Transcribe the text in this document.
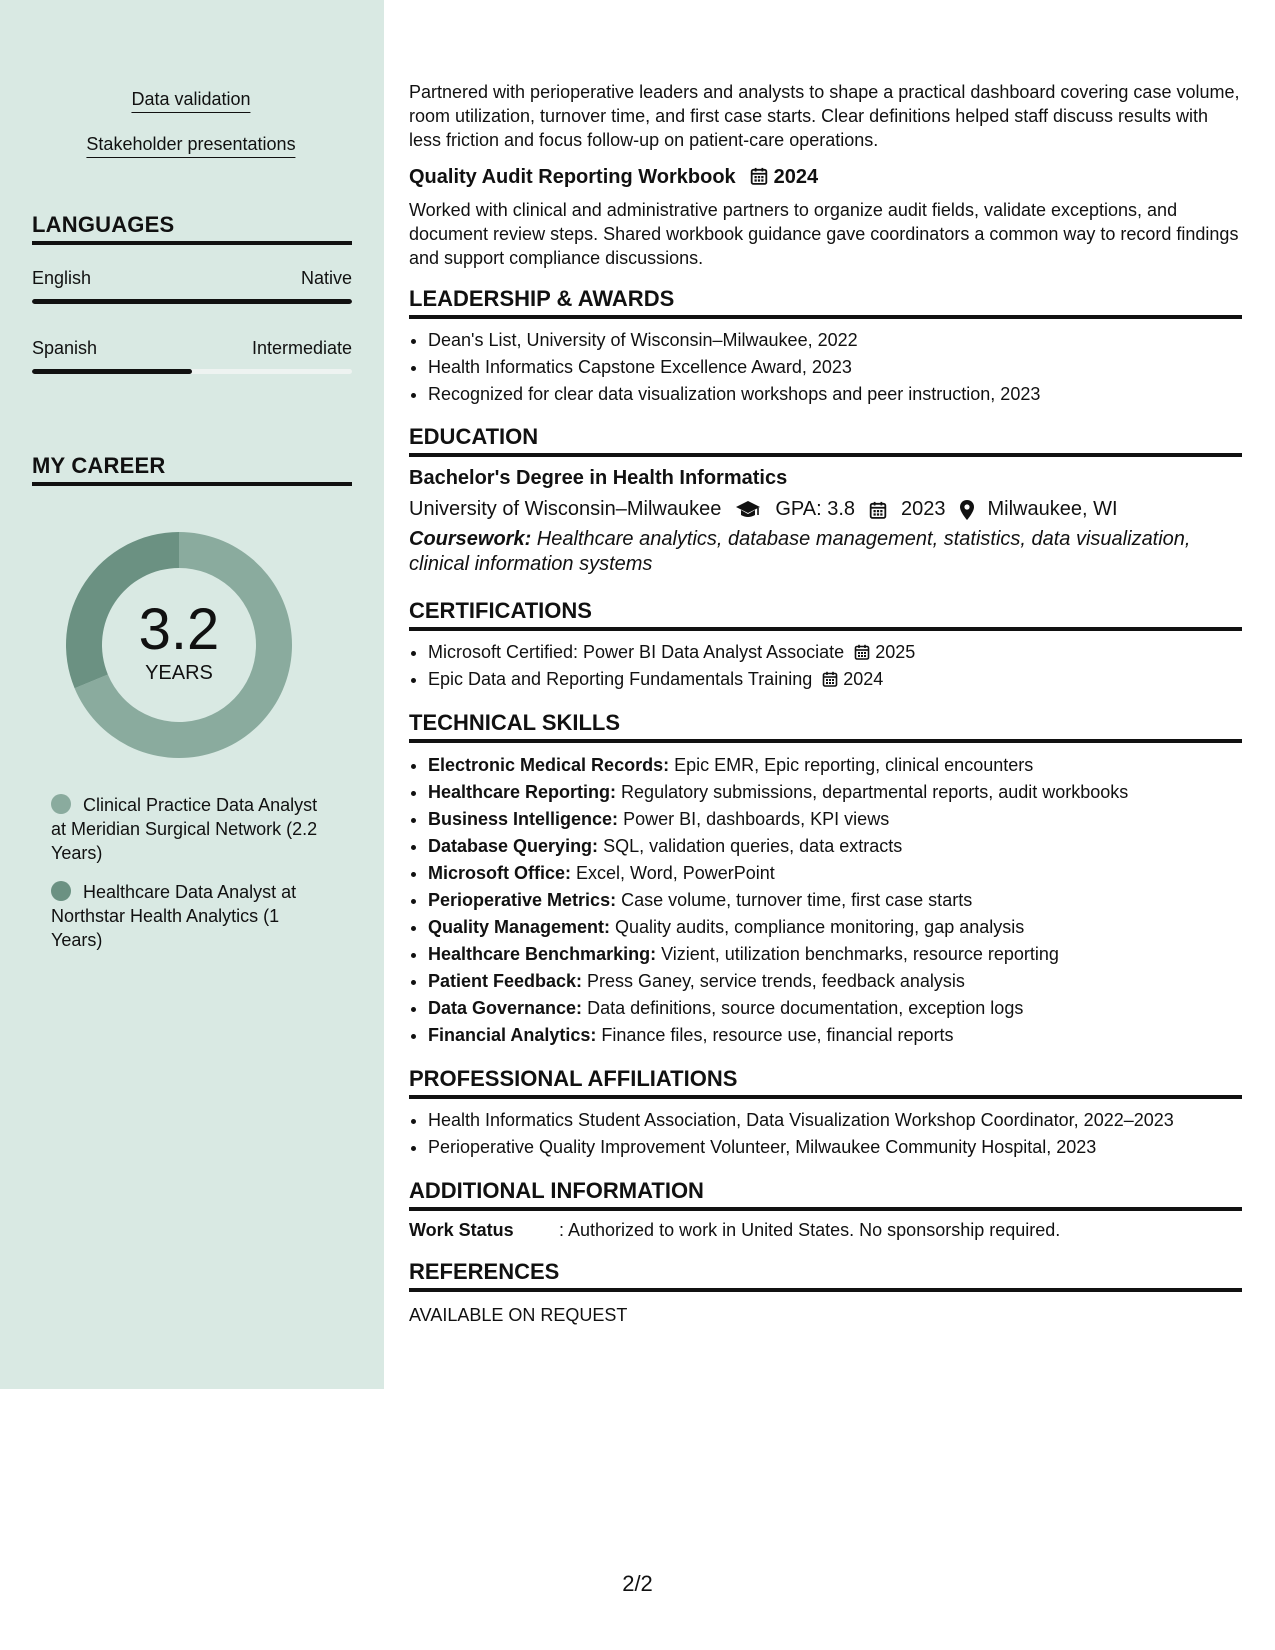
Data validation
Stakeholder presentations
LANGUAGES
English	Native
Spanish	Intermediate
MY CAREER
3.2
YEARS
Clinical Practice Data Analyst at Meridian Surgical Network (2.2 Years)
Healthcare Data Analyst at Northstar Health Analytics (1 Years)
Partnered with perioperative leaders and analysts to shape a practical dashboard covering case volume, room utilization, turnover time, and first case starts. Clear definitions helped staff discuss results with less friction and focus follow-up on patient-care operations.
Quality Audit Reporting Workbook 2024
Worked with clinical and administrative partners to organize audit fields, validate exceptions, and document review steps. Shared workbook guidance gave coordinators a common way to record findings and support compliance discussions.
LEADERSHIP & AWARDS
• Dean's List, University of Wisconsin–Milwaukee, 2022
• Health Informatics Capstone Excellence Award, 2023
• Recognized for clear data visualization workshops and peer instruction, 2023
EDUCATION
Bachelor's Degree in Health Informatics
University of Wisconsin–Milwaukee	GPA: 3.8 2023 Milwaukee, WI
Coursework: Healthcare analytics, database management, statistics, data visualization, clinical information systems
CERTIFICATIONS
• Microsoft Certified: Power BI Data Analyst Associate 2025
• Epic Data and Reporting Fundamentals Training 2024
TECHNICAL SKILLS
• Electronic Medical Records: Epic EMR, Epic reporting, clinical encounters
• Healthcare Reporting: Regulatory submissions, departmental reports, audit workbooks
• Business Intelligence: Power BI, dashboards, KPI views
• Database Querying: SQL, validation queries, data extracts
• Microsoft Office: Excel, Word, PowerPoint
• Perioperative Metrics: Case volume, turnover time, first case starts
• Quality Management: Quality audits, compliance monitoring, gap analysis
• Healthcare Benchmarking: Vizient, utilization benchmarks, resource reporting
• Patient Feedback: Press Ganey, service trends, feedback analysis
• Data Governance: Data definitions, source documentation, exception logs
• Financial Analytics: Finance files, resource use, financial reports
PROFESSIONAL AFFILIATIONS
• Health Informatics Student Association, Data Visualization Workshop Coordinator, 2022–2023
• Perioperative Quality Improvement Volunteer, Milwaukee Community Hospital, 2023
ADDITIONAL INFORMATION
Work Status	: Authorized to work in United States. No sponsorship required.
REFERENCES
AVAILABLE ON REQUEST
2/2
